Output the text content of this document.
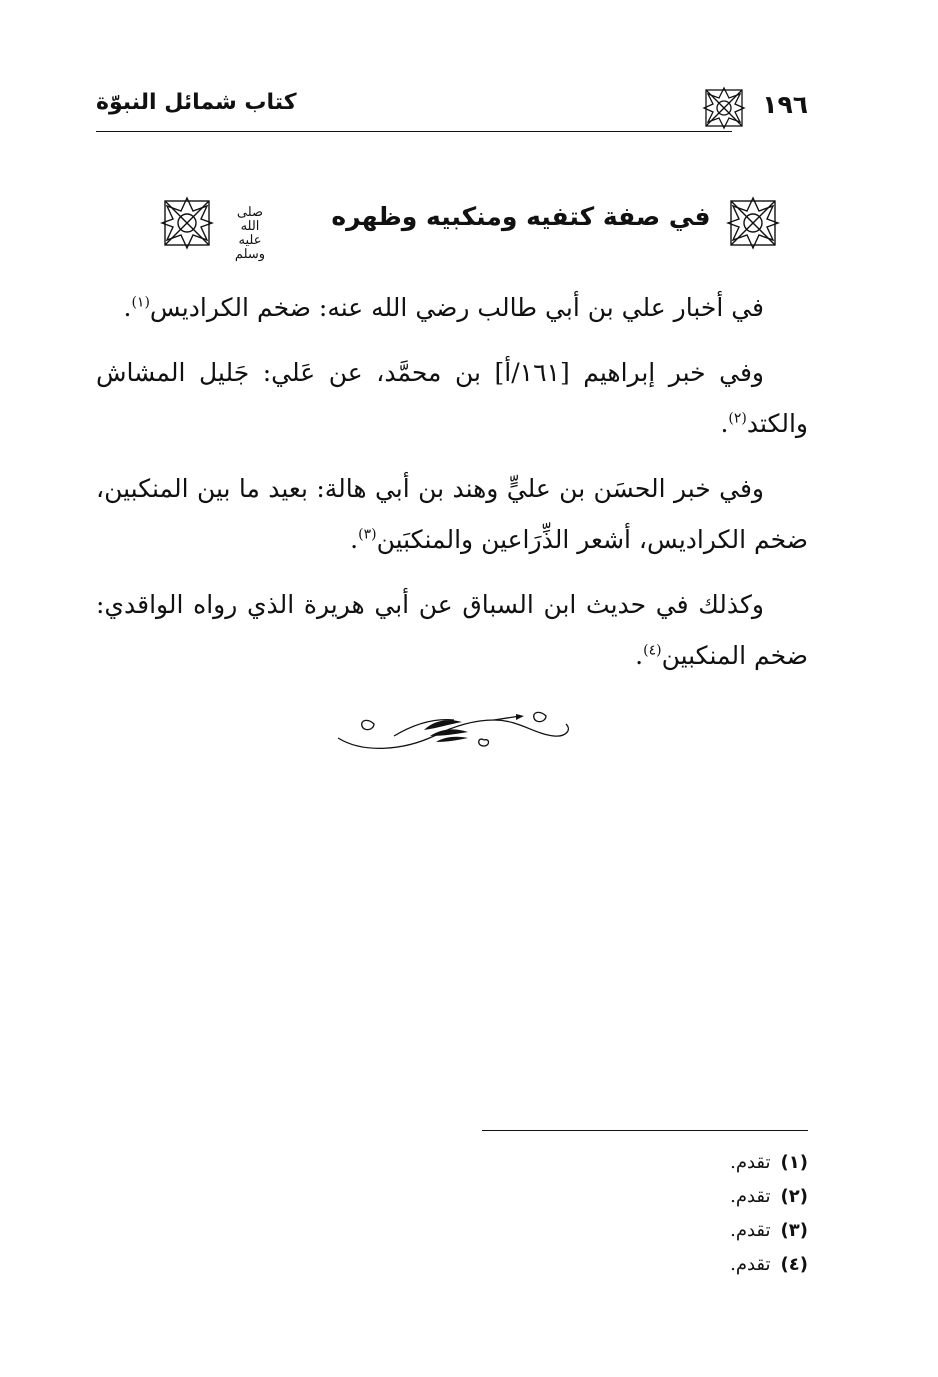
١٩٦
كتاب شمائل النبوّة
في صفة كتفيه ومنكبيه وظهره
صلى الله عليه وسلم

في أخبار علي بن أبي طالب رضي الله عنه: ضخم الكراديس$^{(١)}$.

وفي خبر إبراهيم [١٦١/أ] بن محمَّد، عن عَلي: جَليل المشاش والكتد$^{(٢)}$.

وفي خبر الحسَن بن عليٍّ وهند بن أبي هالة: بعيد ما بين المنكبين، ضخم الكراديس، أشعر الذِّرَاعين والمنكبَين$^{(٣)}$.

وكذلك في حديث ابن السباق عن أبي هريرة الذي رواه الواقدي: ضخم المنكبين$^{(٤)}$.

(١)تقدم.
(٢)تقدم.
(٣)تقدم.
(٤)تقدم.
